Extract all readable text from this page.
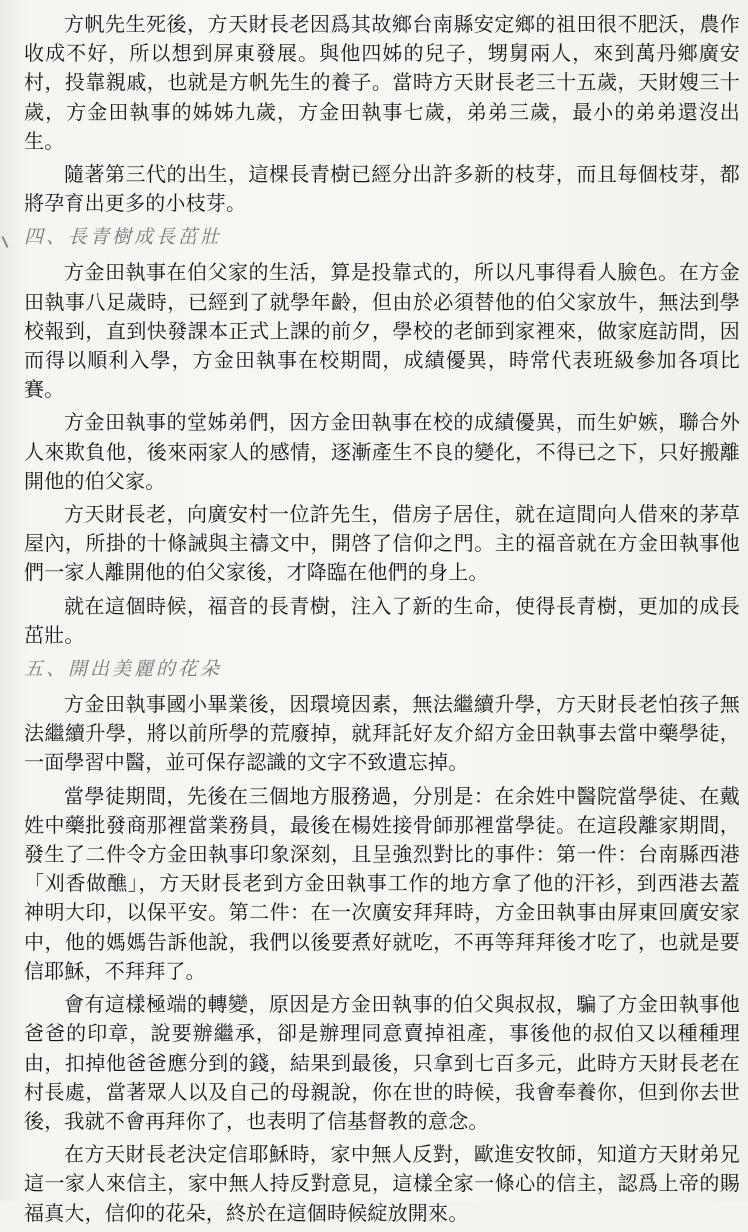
方帆先生死後，方天財長老因爲其故鄉台南縣安定鄉的祖田很不肥沃，農作收成不好，所以想到屏東發展。與他四姊的兒子，甥舅兩人，來到萬丹鄉廣安村，投靠親戚，也就是方帆先生的養子。當時方天財長老三十五歲，天財嫂三十歲，方金田執事的姊姊九歲，方金田執事七歲，弟弟三歲，最小的弟弟還沒出生。

隨著第三代的出生，這棵長青樹已經分出許多新的枝芽，而且每個枝芽，都將孕育出更多的小枝芽。

四、長青樹成長茁壯

方金田執事在伯父家的生活，算是投靠式的，所以凡事得看人臉色。在方金田執事八足歲時，已經到了就學年齡，但由於必須替他的伯父家放牛，無法到學校報到，直到快發課本正式上課的前夕，學校的老師到家裡來，做家庭訪問，因而得以順利入學，方金田執事在校期間，成績優異，時常代表班級參加各項比賽。

方金田執事的堂姊弟們，因方金田執事在校的成績優異，而生妒嫉，聯合外人來欺負他，後來兩家人的感情，逐漸產生不良的變化，不得已之下，只好搬離開他的伯父家。

方天財長老，向廣安村一位許先生，借房子居住，就在這間向人借來的茅草屋內，所掛的十條誡與主禱文中，開啓了信仰之門。主的福音就在方金田執事他們一家人離開他的伯父家後，才降臨在他們的身上。

就在這個時候，福音的長青樹，注入了新的生命，使得長青樹，更加的成長茁壯。

五、開出美麗的花朵

方金田執事國小畢業後，因環境因素，無法繼續升學，方天財長老怕孩子無法繼續升學，將以前所學的荒廢掉，就拜託好友介紹方金田執事去當中藥學徒，一面學習中醫，並可保存認識的文字不致遺忘掉。

當學徒期間，先後在三個地方服務過，分別是：在余姓中醫院當學徒、在戴姓中藥批發商那裡當業務員，最後在楊姓接骨師那裡當學徒。在這段離家期間，發生了二件令方金田執事印象深刻，且呈強烈對比的事件：第一件：台南縣西港「刈香做醮」，方天財長老到方金田執事工作的地方拿了他的汗衫，到西港去蓋神明大印，以保平安。第二件：在一次廣安拜拜時，方金田執事由屏東回廣安家中，他的媽媽告訴他說，我們以後要煮好就吃，不再等拜拜後才吃了，也就是要信耶穌，不拜拜了。

會有這樣極端的轉變，原因是方金田執事的伯父與叔叔，騙了方金田執事他爸爸的印章，說要辦繼承，卻是辦理同意賣掉祖產，事後他的叔伯又以種種理由，扣掉他爸爸應分到的錢，結果到最後，只拿到七百多元，此時方天財長老在村長處，當著眾人以及自己的母親說，你在世的時候，我會奉養你，但到你去世後，我就不會再拜你了，也表明了信基督教的意念。

在方天財長老決定信耶穌時，家中無人反對，歐進安牧師，知道方天財弟兄這一家人來信主，家中無人持反對意見，這樣全家一條心的信主，認爲上帝的賜福真大，信仰的花朵，終於在這個時候綻放開來。
